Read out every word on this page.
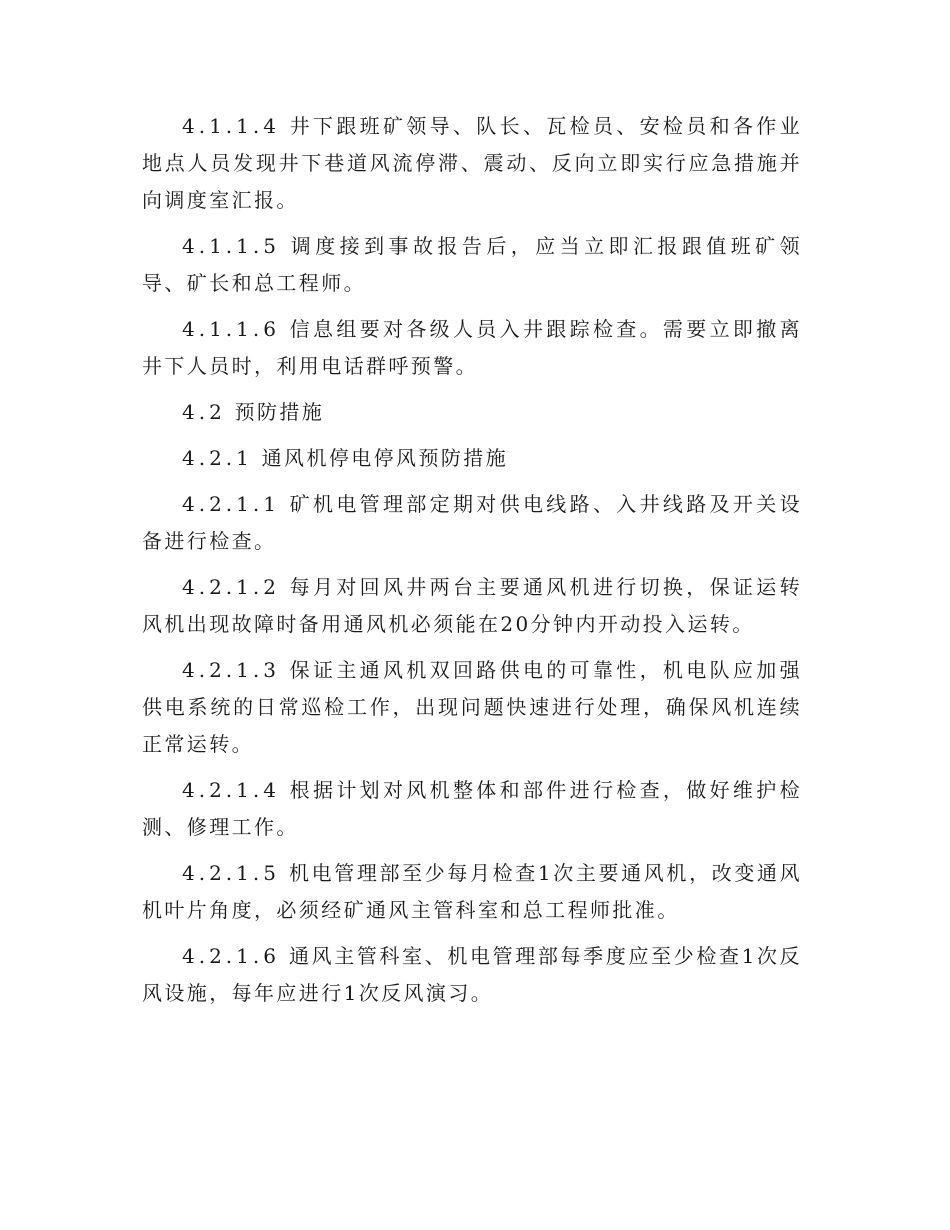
4.1.1.4 井下跟班矿领导、队长、瓦检员、安检员和各作业地点人员发现井下巷道风流停滞、震动、反向立即实行应急措施并向调度室汇报。

4.1.1.5 调度接到事故报告后，应当立即汇报跟值班矿领导、矿长和总工程师。

4.1.1.6 信息组要对各级人员入井跟踪检查。需要立即撤离井下人员时，利用电话群呼预警。

4.2 预防措施

4.2.1 通风机停电停风预防措施

4.2.1.1 矿机电管理部定期对供电线路、入井线路及开关设备进行检查。

4.2.1.2 每月对回风井两台主要通风机进行切换，保证运转风机出现故障时备用通风机必须能在20分钟内开动投入运转。

4.2.1.3 保证主通风机双回路供电的可靠性，机电队应加强供电系统的日常巡检工作，出现问题快速进行处理，确保风机连续正常运转。

4.2.1.4 根据计划对风机整体和部件进行检查，做好维护检测、修理工作。

4.2.1.5 机电管理部至少每月检查1次主要通风机，改变通风机叶片角度，必须经矿通风主管科室和总工程师批准。

4.2.1.6 通风主管科室、机电管理部每季度应至少检查1次反风设施，每年应进行1次反风演习。
